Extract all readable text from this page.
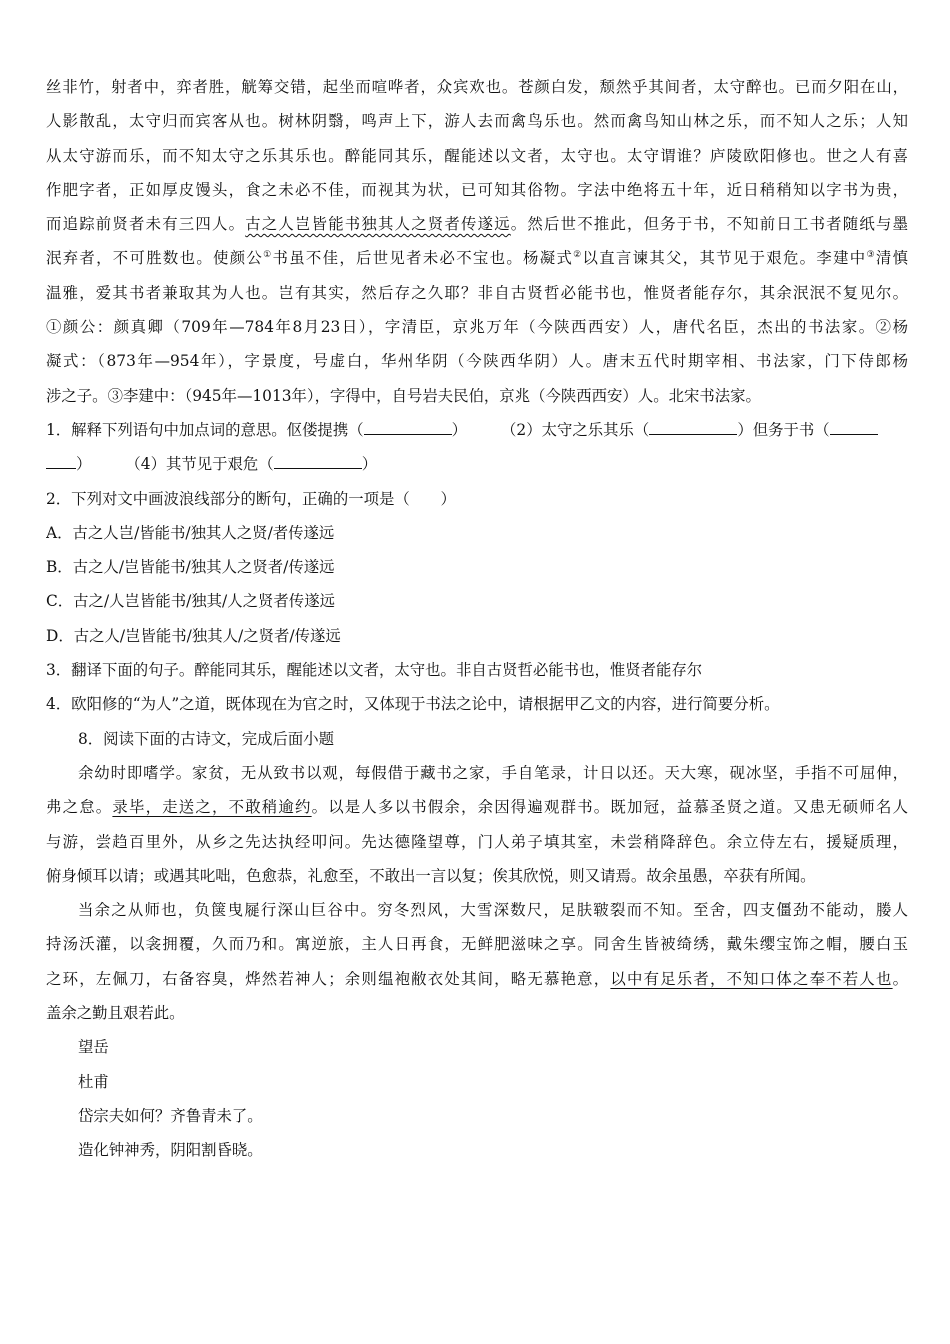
丝非竹，射者中，弈者胜，觥筹交错，起坐而喧哗者，众宾欢也。苍颜白发，颓然乎其间者，太守醉也。已而夕阳在山，
人影散乱，太守归而宾客从也。树林阴翳，鸣声上下，游人去而禽鸟乐也。然而禽鸟知山林之乐，而不知人之乐；人知
从太守游而乐，而不知太守之乐其乐也。醉能同其乐，醒能述以文者，太守也。太守谓谁？庐陵欧阳修也。世之人有喜
作肥字者，正如厚皮馒头，食之未必不佳，而视其为状，已可知其俗物。字法中绝将五十年，近日稍稍知以字书为贵，
而追踪前贤者未有三四人。古之人岂皆能书独其人之贤者传遂远。然后世不推此，但务于书，不知前日工书者随纸与墨
泯弃者，不可胜数也。使颜公①书虽不佳，后世见者未必不宝也。杨凝式②以直言谏其父，其节见于艰危。李建中③清慎
温雅，爱其书者兼取其为人也。岂有其实，然后存之久耶？非自古贤哲必能书也，惟贤者能存尔，其余泯泯不复见尔。
①颜公：颜真卿（709年—784年8月23日），字清臣，京兆万年（今陕西西安）人，唐代名臣，杰出的书法家。②杨
凝式：（873年—954年），字景度，号虚白，华州华阴（今陕西华阴）人。唐末五代时期宰相、书法家，门下侍郎杨
涉之子。③李建中：（945年—1013年），字得中，自号岩夫民伯，京兆（今陕西西安）人。北宋书法家。
1．解释下列语句中加点词的意思。伛偻提携（	） （2）太守之乐其乐（	）但务于书（
） （4）其节见于艰危（	）
2．下列对文中画波浪线部分的断句，正确的一项是（　　）
A．古之人岂/皆能书/独其人之贤/者传遂远
B．古之人/岂皆能书/独其人之贤者/传遂远
C．古之/人岂皆能书/独其/人之贤者传遂远
D．古之人/岂皆能书/独其人/之贤者/传遂远
3．翻译下面的句子。醉能同其乐，醒能述以文者，太守也。非自古贤哲必能书也，惟贤者能存尔
4．欧阳修的“为人”之道，既体现在为官之时，又体现于书法之论中，请根据甲乙文的内容，进行简要分析。
8．阅读下面的古诗文，完成后面小题
余幼时即嗜学。家贫，无从致书以观，每假借于藏书之家，手自笔录，计日以还。天大寒，砚冰坚，手指不可屈伸，
弗之怠。录毕，走送之，不敢稍逾约。以是人多以书假余，余因得遍观群书。既加冠，益慕圣贤之道。又患无硕师名人
与游，尝趋百里外，从乡之先达执经叩问。先达德隆望尊，门人弟子填其室，未尝稍降辞色。余立侍左右，援疑质理，
俯身倾耳以请；或遇其叱咄，色愈恭，礼愈至，不敢出一言以复；俟其欣悦，则又请焉。故余虽愚，卒获有所闻。
当余之从师也，负箧曳屣行深山巨谷中。穷冬烈风，大雪深数尺，足肤皲裂而不知。至舍，四支僵劲不能动，媵人
持汤沃灌，以衾拥覆，久而乃和。寓逆旅，主人日再食，无鲜肥滋味之享。同舍生皆被绮绣，戴朱缨宝饰之帽，腰白玉
之环，左佩刀，右备容臭，烨然若神人；余则缊袍敝衣处其间，略无慕艳意，以中有足乐者，不知口体之奉不若人也。
盖余之勤且艰若此。
望岳
杜甫
岱宗夫如何？齐鲁青未了。
造化钟神秀，阴阳割昏晓。
